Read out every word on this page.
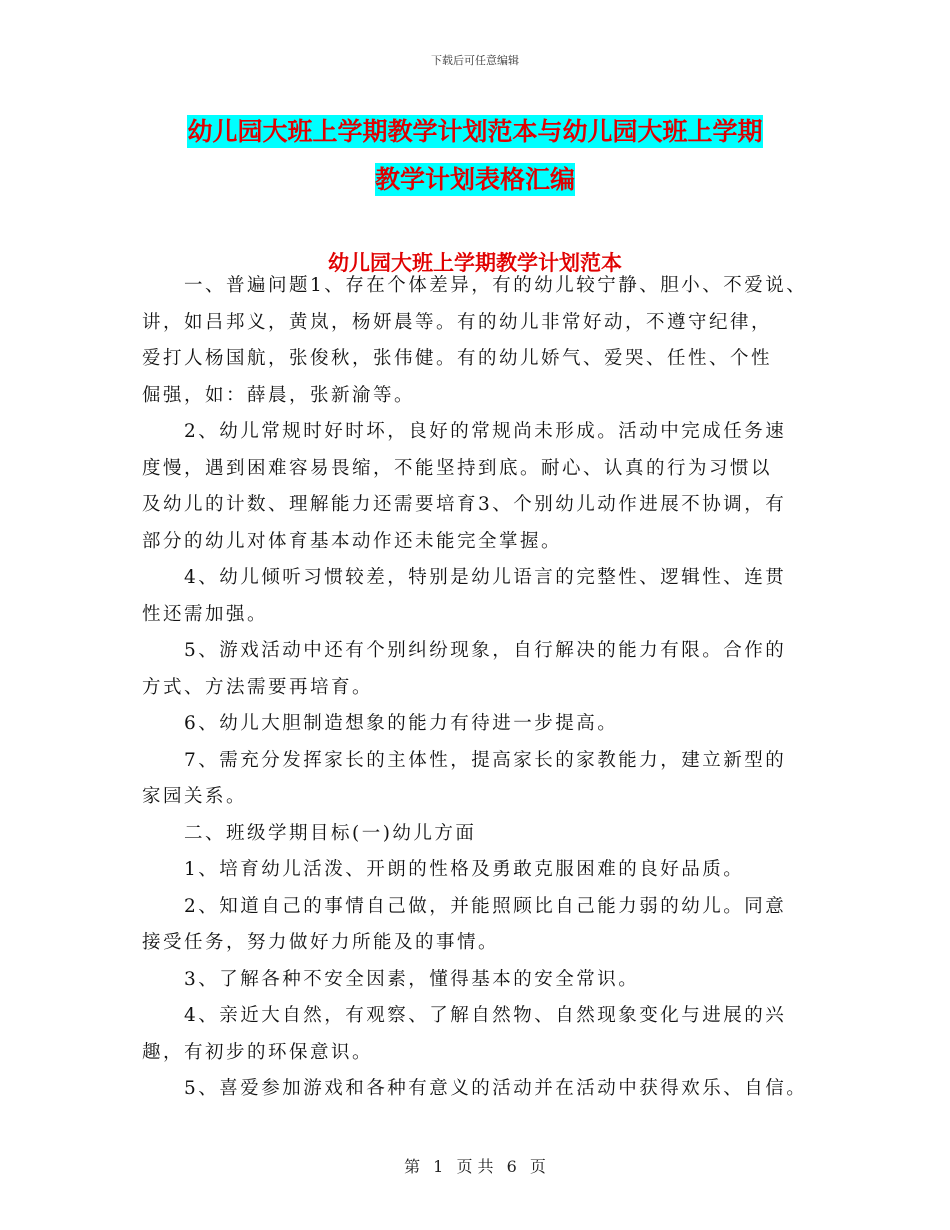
下载后可任意编辑
幼儿园大班上学期教学计划范本与幼儿园大班上学期
教学计划表格汇编
幼儿园大班上学期教学计划范本

　　一、普遍问题1、存在个体差异，有的幼儿较宁静、胆小、不爱说、

讲，如吕邦义，黄岚，杨妍晨等。有的幼儿非常好动，不遵守纪律，

爱打人杨国航，张俊秋，张伟健。有的幼儿娇气、爱哭、任性、个性

倔强，如：薛晨，张新渝等。

　　2、幼儿常规时好时坏，良好的常规尚未形成。活动中完成任务速

度慢，遇到困难容易畏缩，不能坚持到底。耐心、认真的行为习惯以

及幼儿的计数、理解能力还需要培育3、个别幼儿动作进展不协调，有

部分的幼儿对体育基本动作还未能完全掌握。

　　4、幼儿倾听习惯较差，特别是幼儿语言的完整性、逻辑性、连贯

性还需加强。

　　5、游戏活动中还有个别纠纷现象，自行解决的能力有限。合作的

方式、方法需要再培育。

　　6、幼儿大胆制造想象的能力有待进一步提高。

　　7、需充分发挥家长的主体性，提高家长的家教能力，建立新型的

家园关系。

　　二、班级学期目标(一)幼儿方面

　　1、培育幼儿活泼、开朗的性格及勇敢克服困难的良好品质。

　　2、知道自己的事情自己做，并能照顾比自己能力弱的幼儿。同意

接受任务，努力做好力所能及的事情。

　　3、了解各种不安全因素，懂得基本的安全常识。

　　4、亲近大自然，有观察、了解自然物、自然现象变化与进展的兴

趣，有初步的环保意识。

　　5、喜爱参加游戏和各种有意义的活动并在活动中获得欢乐、自信。

第 1 页 共 6 页
